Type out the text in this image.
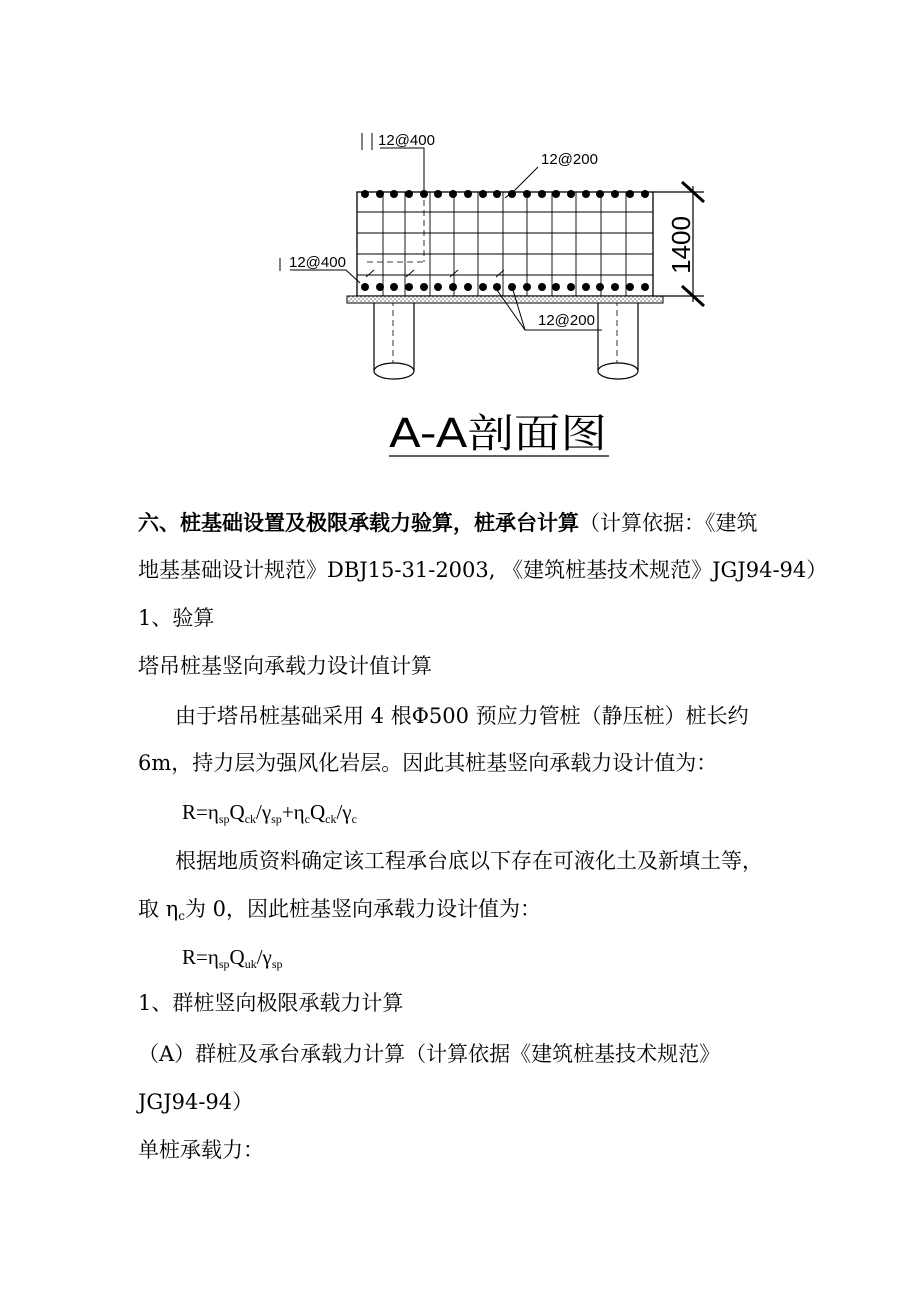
1400
12@400
12@200
12@400
12@200
A-A剖面图

六、桩基础设置及极限承载力验算，桩承台计算（计算依据：《建筑

地基基础设计规范》DBJ15-31-2003, 《建筑桩基技术规范》JGJ94-94）

1、验算

塔吊桩基竖向承载力设计值计算

由于塔吊桩基础采用 4 根Φ500 预应力管桩（静压桩）桩长约

6m，持力层为强风化岩层。因此其桩基竖向承载力设计值为：

$R=\eta_{sp}Q_{ck}/\gamma_{sp}+\eta_cQ_{ck}/\gamma_c$

根据地质资料确定该工程承台底以下存在可液化土及新填土等，

取 $\eta_c$为 0，因此桩基竖向承载力设计值为：

$R=\eta_{sp}Q_{uk}/\gamma_{sp}$

1、群桩竖向极限承载力计算

（A）群桩及承台承载力计算（计算依据《建筑桩基技术规范》

JGJ94-94）

单桩承载力：
